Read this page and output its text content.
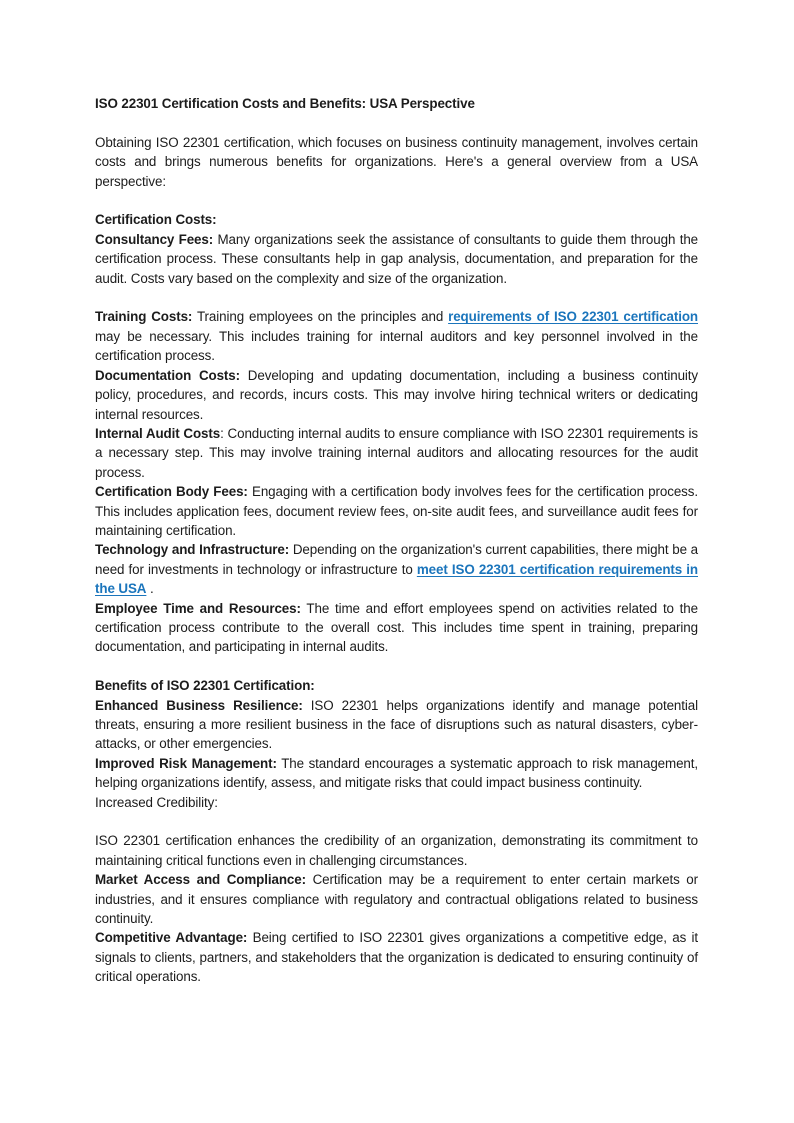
ISO 22301 Certification Costs and Benefits: USA Perspective

Obtaining ISO 22301 certification, which focuses on business continuity management, involves certain costs and brings numerous benefits for organizations. Here's a general overview from a USA perspective:

Certification Costs:

Consultancy Fees: Many organizations seek the assistance of consultants to guide them through the certification process. These consultants help in gap analysis, documentation, and preparation for the audit. Costs vary based on the complexity and size of the organization.

Training Costs: Training employees on the principles and requirements of ISO 22301 certification may be necessary. This includes training for internal auditors and key personnel involved in the certification process.

Documentation Costs: Developing and updating documentation, including a business continuity policy, procedures, and records, incurs costs. This may involve hiring technical writers or dedicating internal resources.

Internal Audit Costs: Conducting internal audits to ensure compliance with ISO 22301 requirements is a necessary step. This may involve training internal auditors and allocating resources for the audit process.

Certification Body Fees: Engaging with a certification body involves fees for the certification process. This includes application fees, document review fees, on-site audit fees, and surveillance audit fees for maintaining certification.

Technology and Infrastructure: Depending on the organization's current capabilities, there might be a need for investments in technology or infrastructure to meet ISO 22301 certification requirements in the USA .

Employee Time and Resources: The time and effort employees spend on activities related to the certification process contribute to the overall cost. This includes time spent in training, preparing documentation, and participating in internal audits.

Benefits of ISO 22301 Certification:

Enhanced Business Resilience: ISO 22301 helps organizations identify and manage potential threats, ensuring a more resilient business in the face of disruptions such as natural disasters, cyber-attacks, or other emergencies.

Improved Risk Management: The standard encourages a systematic approach to risk management, helping organizations identify, assess, and mitigate risks that could impact business continuity.

Increased Credibility:

ISO 22301 certification enhances the credibility of an organization, demonstrating its commitment to maintaining critical functions even in challenging circumstances.

Market Access and Compliance: Certification may be a requirement to enter certain markets or industries, and it ensures compliance with regulatory and contractual obligations related to business continuity.

Competitive Advantage: Being certified to ISO 22301 gives organizations a competitive edge, as it signals to clients, partners, and stakeholders that the organization is dedicated to ensuring continuity of critical operations.
